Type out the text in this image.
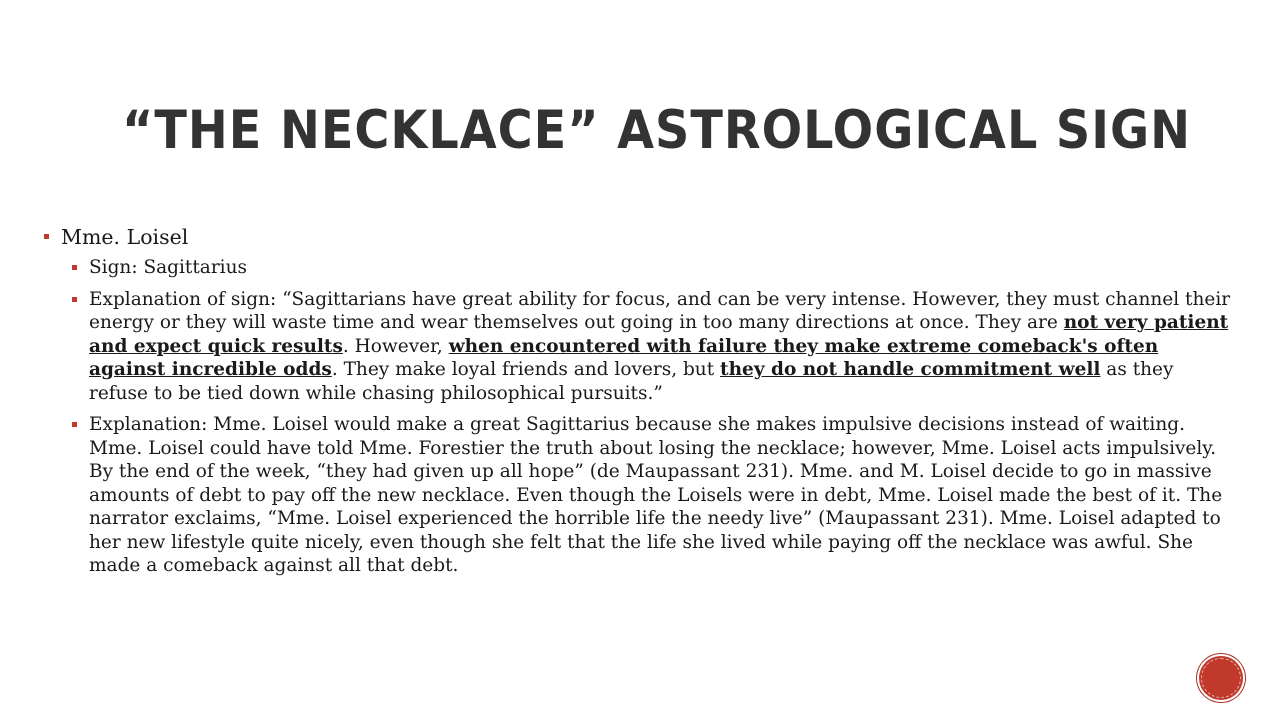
“THE NECKLACE” ASTROLOGICAL SIGN
Mme. Loisel
Sign: Sagittarius
Explanation of sign: “Sagittarians have great ability for focus, and can be very intense. However, they must channel their energy or they will waste time and wear themselves out going in too many directions at once. They are not very patient and expect quick results. However, when encountered with failure they make extreme comeback's often against incredible odds. They make loyal friends and lovers, but they do not handle commitment well as they refuse to be tied down while chasing philosophical pursuits.”
Explanation: Mme. Loisel would make a great Sagittarius because she makes impulsive decisions instead of waiting. Mme. Loisel could have told Mme. Forestier the truth about losing the necklace; however, Mme. Loisel acts impulsively. By the end of the week, “they had given up all hope” (de Maupassant 231). Mme. and M. Loisel decide to go in massive amounts of debt to pay off the new necklace. Even though the Loisels were in debt, Mme. Loisel made the best of it. The narrator exclaims, “Mme. Loisel experienced the horrible life the needy live” (Maupassant 231). Mme. Loisel adapted to her new lifestyle quite nicely, even though she felt that the life she lived while paying off the necklace was awful. She made a comeback against all that debt.
